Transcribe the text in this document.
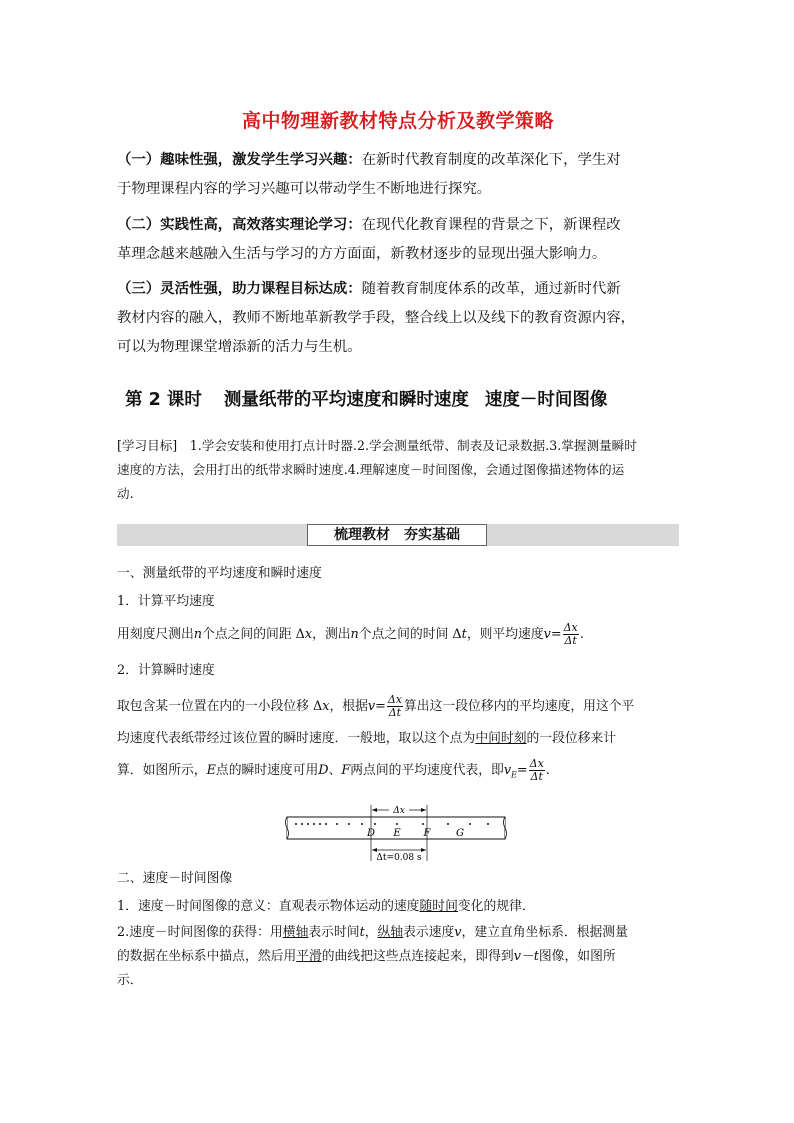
高中物理新教材特点分析及教学策略

（一）趣味性强，激发学生学习兴趣：在新时代教育制度的改革深化下，学生对

于物理课程内容的学习兴趣可以带动学生不断地进行探究。

（二）实践性高，高效落实理论学习：在现代化教育课程的背景之下，新课程改

革理念越来越融入生活与学习的方方面面，新教材逐步的显现出强大影响力。

（三）灵活性强，助力课程目标达成：随着教育制度体系的改革，通过新时代新

教材内容的融入，教师不断地革新教学手段，整合线上以及线下的教育资源内容，

可以为物理课堂增添新的活力与生机。

第 2 课时 测量纸带的平均速度和瞬时速度 速度－时间图像
[学习目标]　1.学会安装和使用打点计时器.2.学会测量纸带、制表及记录数据.3.掌握测量瞬时
速度的方法，会用打出的纸带求瞬时速度.4.理解速度－时间图像，会通过图像描述物体的运
动.
梳理教材　夯实基础
一、测量纸带的平均速度和瞬时速度
1．计算平均速度
用刻度尺测出n个点之间的间距 Δx，测出n个点之间的时间 Δt，则平均速度$v= \frac{\Delta x}{\Delta t}$ .
2．计算瞬时速度
取包含某一位置在内的一小段位移 Δx，根据$v= \frac{\Delta x}{\Delta t}$ 算出这一段位移内的平均速度，用这个平
均速度代表纸带经过该位置的瞬时速度．一般地，取以这个点为中间时刻的一段位移来计
算．如图所示，E点的瞬时速度可用D、F两点间的平均速度代表，即$v_E= \frac{\Delta x}{\Delta t}$ .
Δx
D E F	G
Δt=0.08 s
二、速度－时间图像
1．速度－时间图像的意义：直观表示物体运动的速度随时间变化的规律．
2.速度－时间图像的获得：用横轴表示时间t，纵轴表示速度v，建立直角坐标系．根据测量
的数据在坐标系中描点，然后用平滑的曲线把这些点连接起来，即得到v－t图像，如图所
示．
